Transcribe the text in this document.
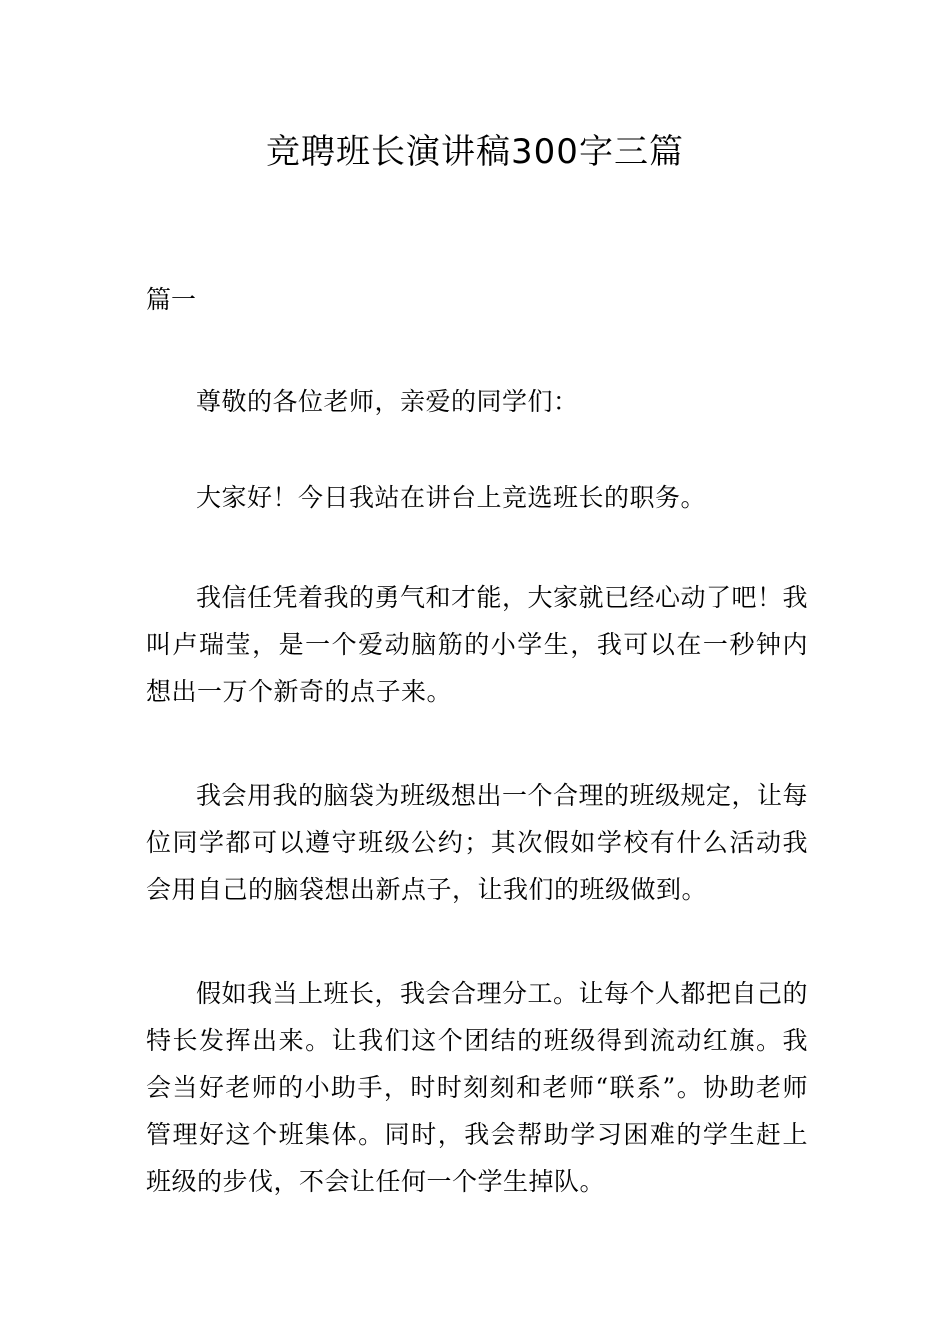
竞聘班长演讲稿300字三篇

篇一

尊敬的各位老师，亲爱的同学们：

大家好！今日我站在讲台上竞选班长的职务。

我信任凭着我的勇气和才能，大家就已经心动了吧！我叫卢瑞莹，是一个爱动脑筋的小学生，我可以在一秒钟内想出一万个新奇的点子来。

我会用我的脑袋为班级想出一个合理的班级规定，让每位同学都可以遵守班级公约；其次假如学校有什么活动我会用自己的脑袋想出新点子，让我们的班级做到。

假如我当上班长，我会合理分工。让每个人都把自己的特长发挥出来。让我们这个团结的班级得到流动红旗。我会当好老师的小助手，时时刻刻和老师“联系”。协助老师管理好这个班集体。同时，我会帮助学习困难的学生赶上班级的步伐，不会让任何一个学生掉队。
